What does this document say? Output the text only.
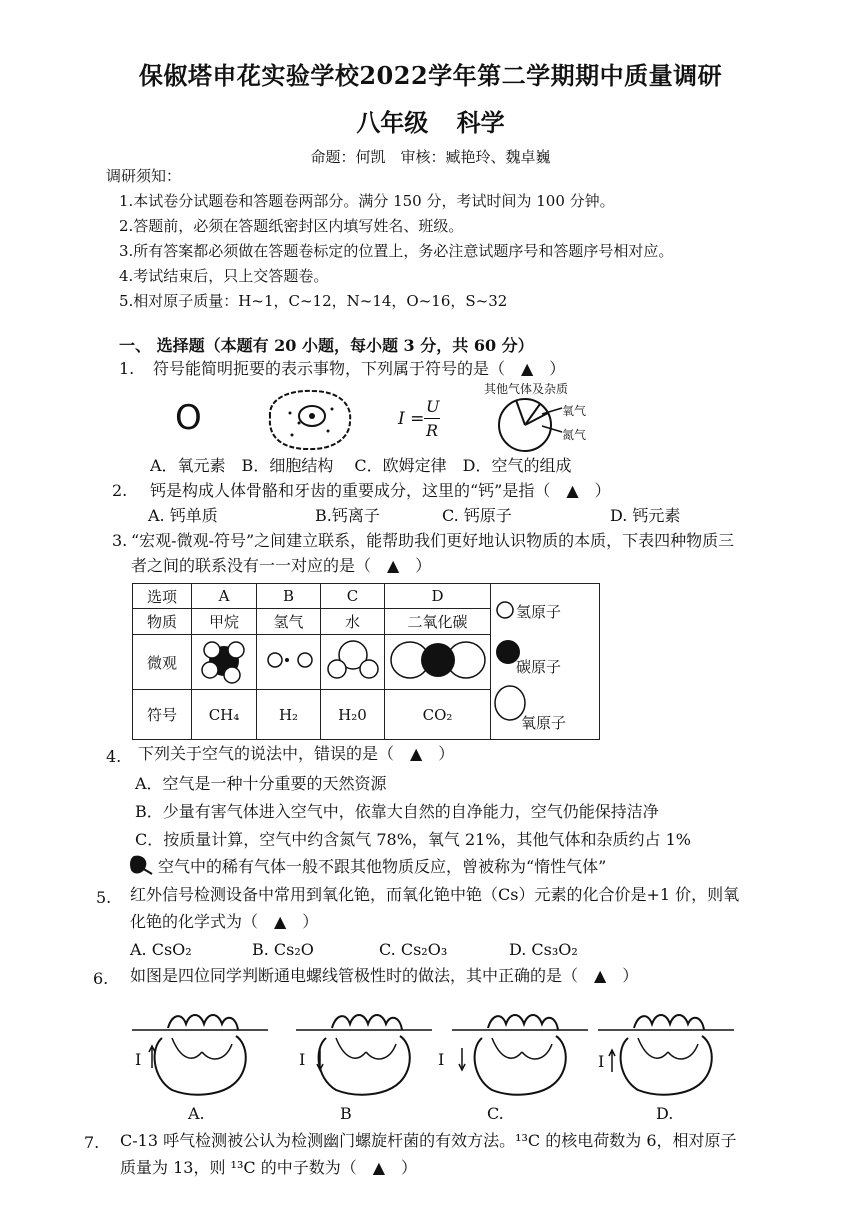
保俶塔申花实验学校2022学年第二学期期中质量调研
八年级 科学
命题：何凯　审核：臧艳玲、魏卓巍
调研须知：
1.本试卷分试题卷和答题卷两部分。满分 150 分，考试时间为 100 分钟。
2.答题前，必须在答题纸密封区内填写姓名、班级。
3.所有答案都必须做在答题卷标定的位置上，务必注意试题序号和答题序号相对应。
4.考试结束后，只上交答题卷。
5.相对原子质量：H~1，C~12，N~14，O~16，S~32
一、 选择题（本题有 20 小题，每小题 3 分，共 60 分）
1. 符号能简明扼要的表示事物，下列属于符号的是（　▲　）
O	I =
U
R
其他气体及杂质
氧气
氮气
A．氧元素　B．细胞结构　 C．欧姆定律　D．空气的组成
2. 钙是构成人体骨骼和牙齿的重要成分，这里的“钙”是指（　▲　）
A. 钙单质	B.钙离子	C. 钙原子	D. 钙元素
3. “宏观-微观-符号”之间建立联系，能帮助我们更好地认识物质的本质，下表四种物质三
者之间的联系没有一一对应的是（　▲　）
选项	A	B	C	D	氢原子
碳原子
氧原子

物质	甲烷	氢气	水	二氧化碳	
微观				
符号	CH₄	H₂	H₂0	CO₂	
4. 下列关于空气的说法中，错误的是（　▲　）
A．空气是一种十分重要的天然资源
B．少量有害气体进入空气中，依靠大自然的自净能力，空气仍能保持洁净
C．按质量计算，空气中约含氮气 78%，氧气 21%，其他气体和杂质约占 1%
空气中的稀有气体一般不跟其他物质反应，曾被称为“惰性气体”
5. 红外信号检测设备中常用到氧化铯，而氧化铯中铯（Cs）元素的化合价是+1 价，则氧
化铯的化学式为（　▲　）
A. CsO₂	B. Cs₂O	C. Cs₂O₃	D. Cs₃O₂
6. 如图是四位同学判断通电螺线管极性时的做法，其中正确的是（　▲　）
I	I	I	I
A.	B	C.	D.
7. C-13 呼气检测被公认为检测幽门螺旋杆菌的有效方法。¹³C 的核电荷数为 6，相对原子
质量为 13，则 ¹³C 的中子数为（　▲　）
